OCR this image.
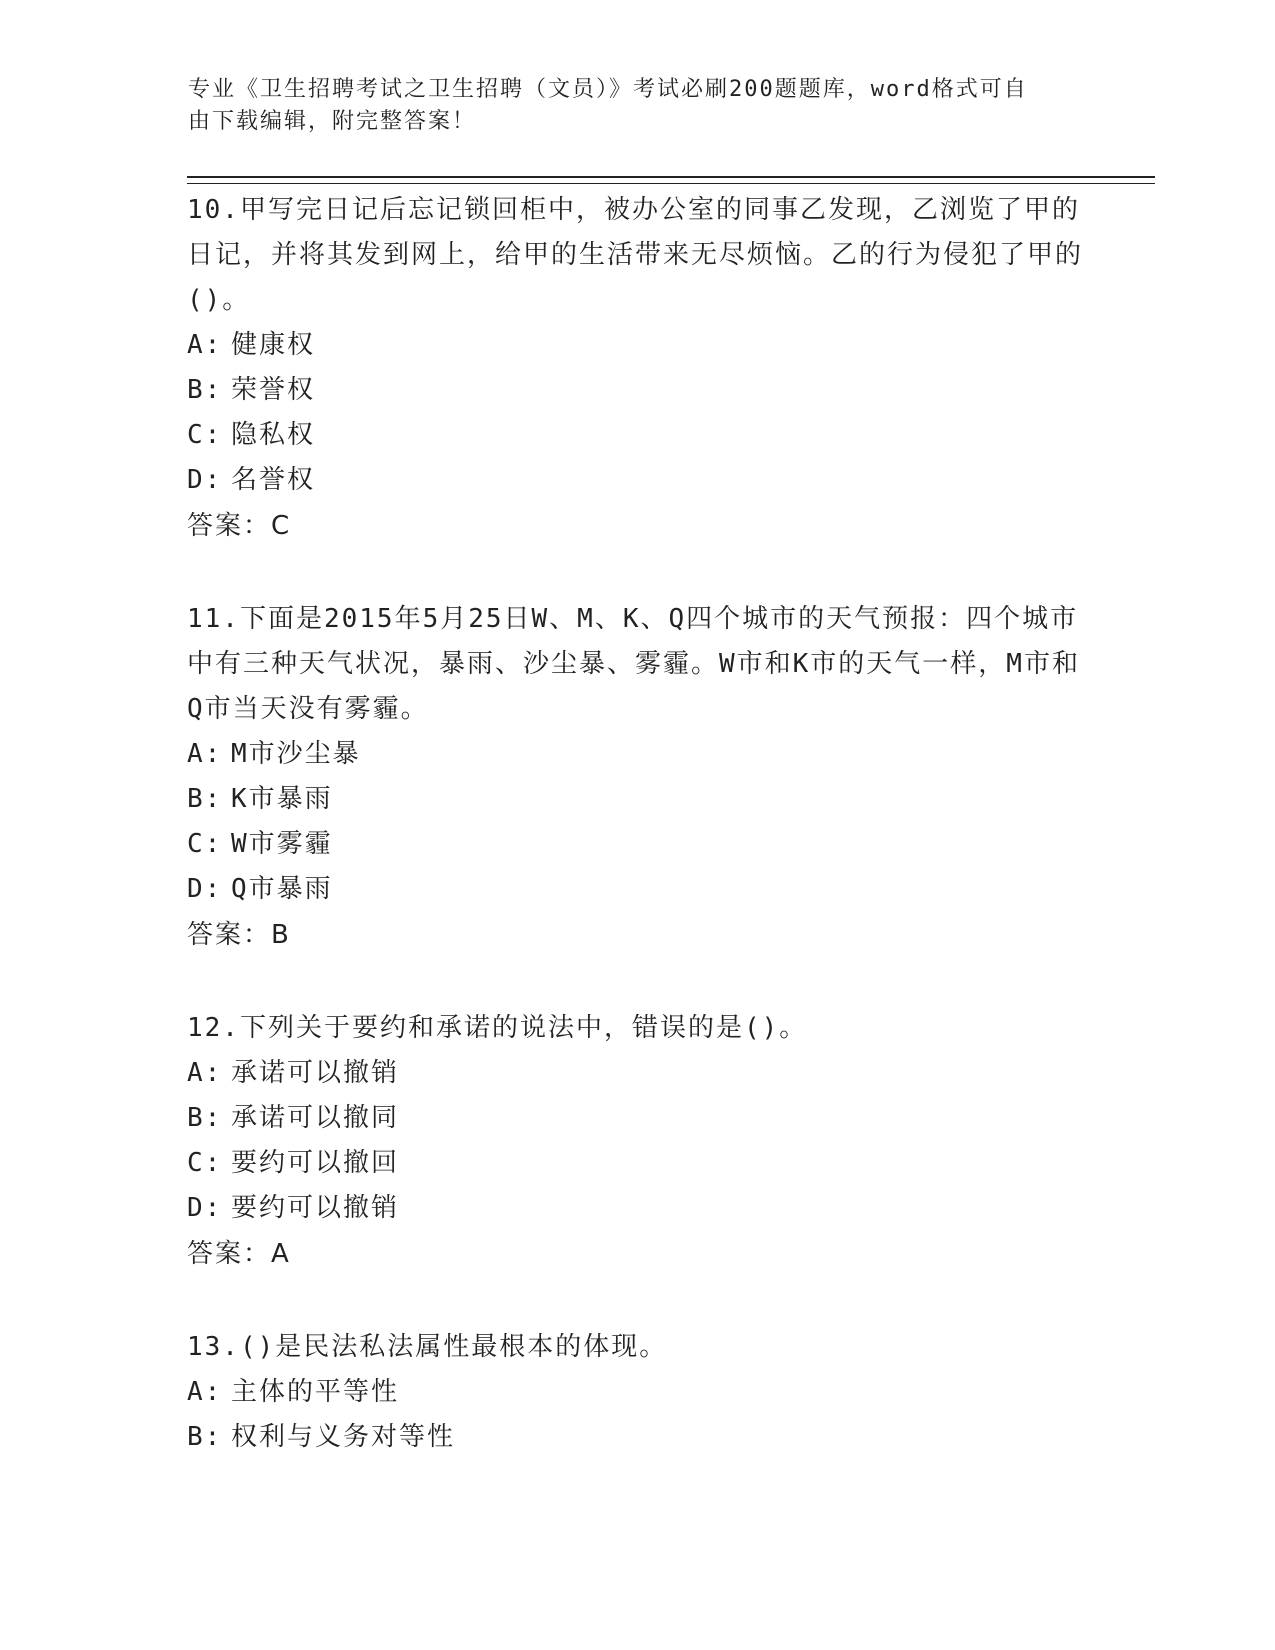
专业《卫生招聘考试之卫生招聘（文员）》考试必刷200题题库，word格式可自
由下载编辑，附完整答案！
10.甲写完日记后忘记锁回柜中，被办公室的同事乙发现，乙浏览了甲的日记，并将其发到网上，给甲的生活带来无尽烦恼。乙的行为侵犯了甲的()。
A: 健康权
B: 荣誉权
C: 隐私权
D: 名誉权
答案：C
11.下面是2015年5月25日W、M、K、Q四个城市的天气预报：四个城市中有三种天气状况，暴雨、沙尘暴、雾霾。W市和K市的天气一样，M市和Q市当天没有雾霾。
A: M市沙尘暴
B: K市暴雨
C: W市雾霾
D: Q市暴雨
答案：B
12.下列关于要约和承诺的说法中，错误的是()。
A: 承诺可以撤销
B: 承诺可以撤同
C: 要约可以撤回
D: 要约可以撤销
答案：A
13.()是民法私法属性最根本的体现。
A: 主体的平等性
B: 权利与义务对等性
